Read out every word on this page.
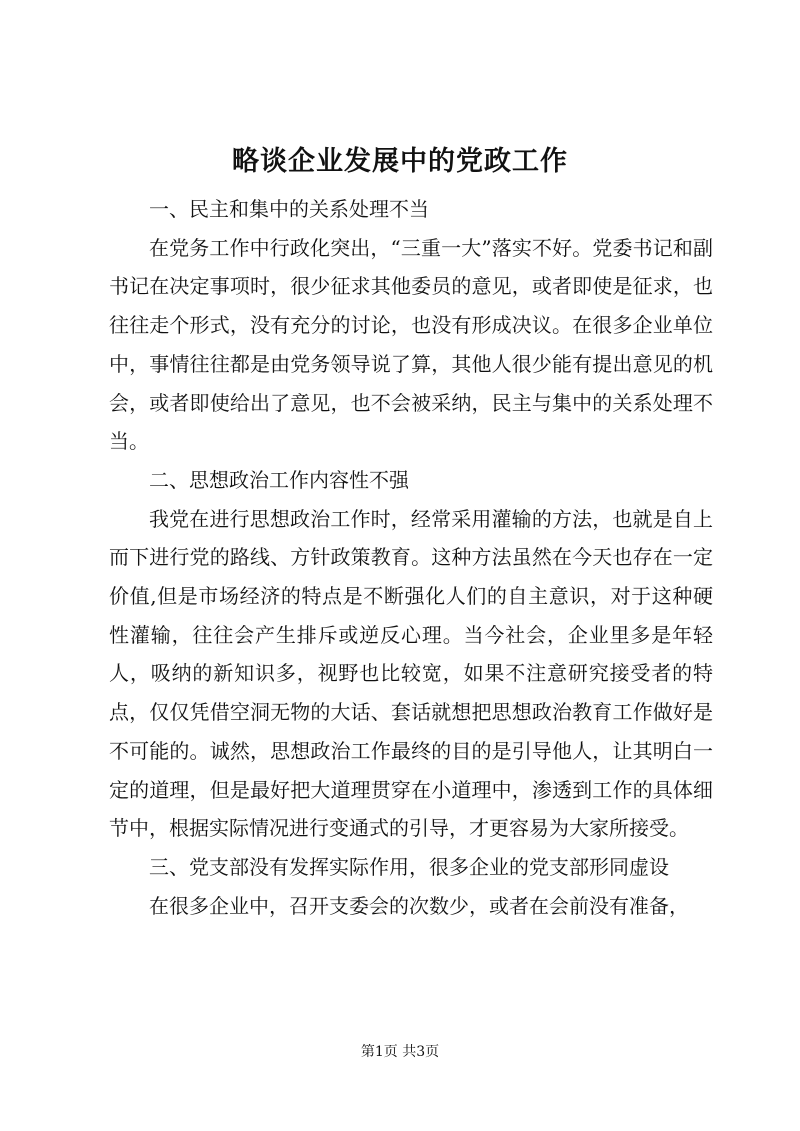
略谈企业发展中的党政工作

一、民主和集中的关系处理不当

在党务工作中行政化突出，“三重一大”落实不好。党委书记和副书记在决定事项时，很少征求其他委员的意见，或者即使是征求，也往往走个形式，没有充分的讨论，也没有形成决议。在很多企业单位中，事情往往都是由党务领导说了算，其他人很少能有提出意见的机会，或者即使给出了意见，也不会被采纳，民主与集中的关系处理不当。

二、思想政治工作内容性不强

我党在进行思想政治工作时，经常采用灌输的方法，也就是自上而下进行党的路线、方针政策教育。这种方法虽然在今天也存在一定价值,但是市场经济的特点是不断强化人们的自主意识，对于这种硬性灌输，往往会产生排斥或逆反心理。当今社会，企业里多是年轻人，吸纳的新知识多，视野也比较宽，如果不注意研究接受者的特点，仅仅凭借空洞无物的大话、套话就想把思想政治教育工作做好是不可能的。诚然，思想政治工作最终的目的是引导他人，让其明白一定的道理，但是最好把大道理贯穿在小道理中，渗透到工作的具体细节中，根据实际情况进行变通式的引导，才更容易为大家所接受。

三、党支部没有发挥实际作用，很多企业的党支部形同虚设

在很多企业中，召开支委会的次数少，或者在会前没有准备，

第1页 共3页
